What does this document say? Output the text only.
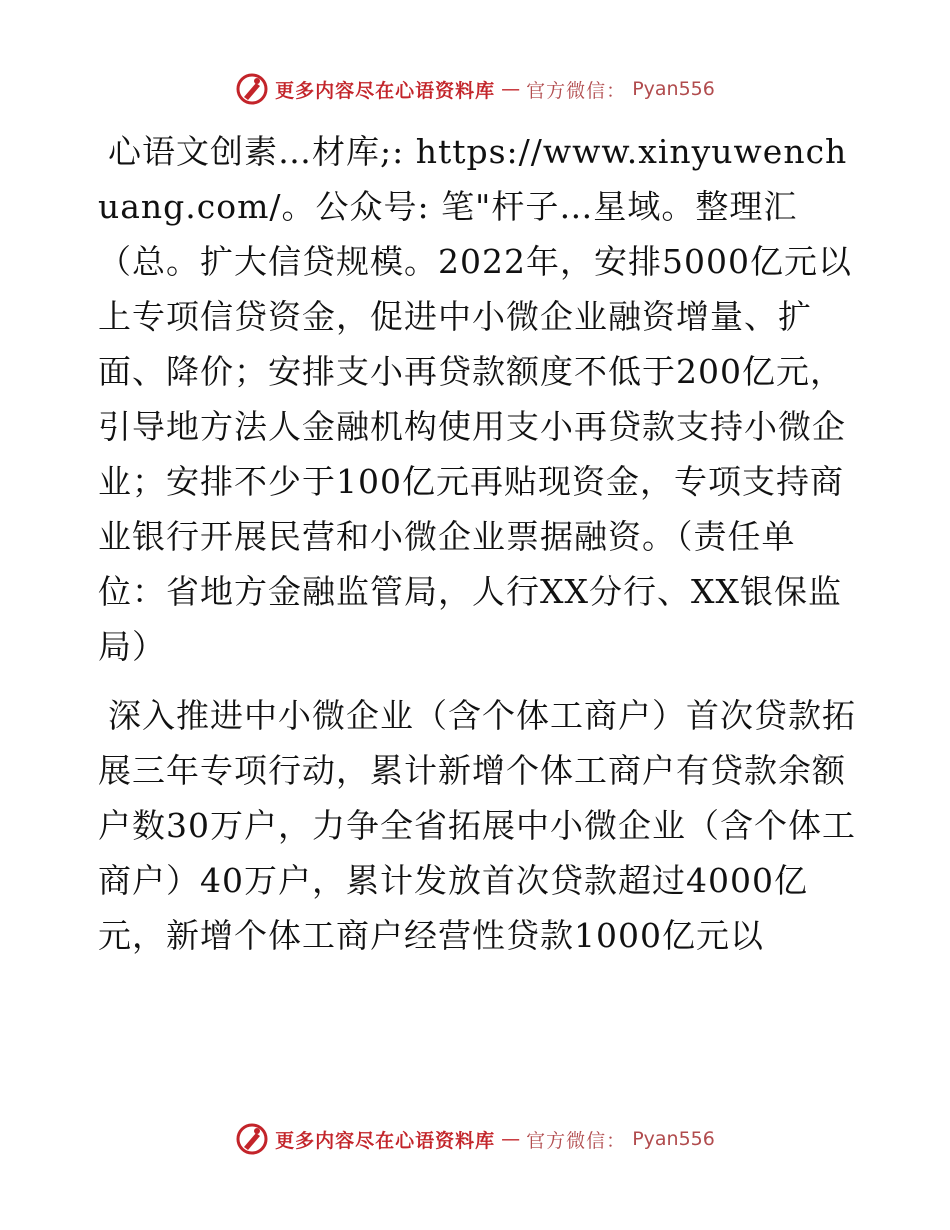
更多内容尽在心语资料库 — 官方微信： Pyan556

心语文创素…材库;: https://www.xinyuwenchuang.com/。公众号: 笔"杆子…星域。整理汇（总。扩大信贷规模。2022年，安排5000亿元以上专项信贷资金，促进中小微企业融资增量、扩面、降价；安排支小再贷款额度不低于200亿元，引导地方法人金融机构使用支小再贷款支持小微企业；安排不少于100亿元再贴现资金，专项支持商业银行开展民营和小微企业票据融资。（责任单位：省地方金融监管局，人行XX分行、XX银保监局）

深入推进中小微企业（含个体工商户）首次贷款拓展三年专项行动，累计新增个体工商户有贷款余额户数30万户，力争全省拓展中小微企业（含个体工商户）40万户，累计发放首次贷款超过4000亿元，新增个体工商户经营性贷款1000亿元以

更多内容尽在心语资料库 — 官方微信： Pyan556
